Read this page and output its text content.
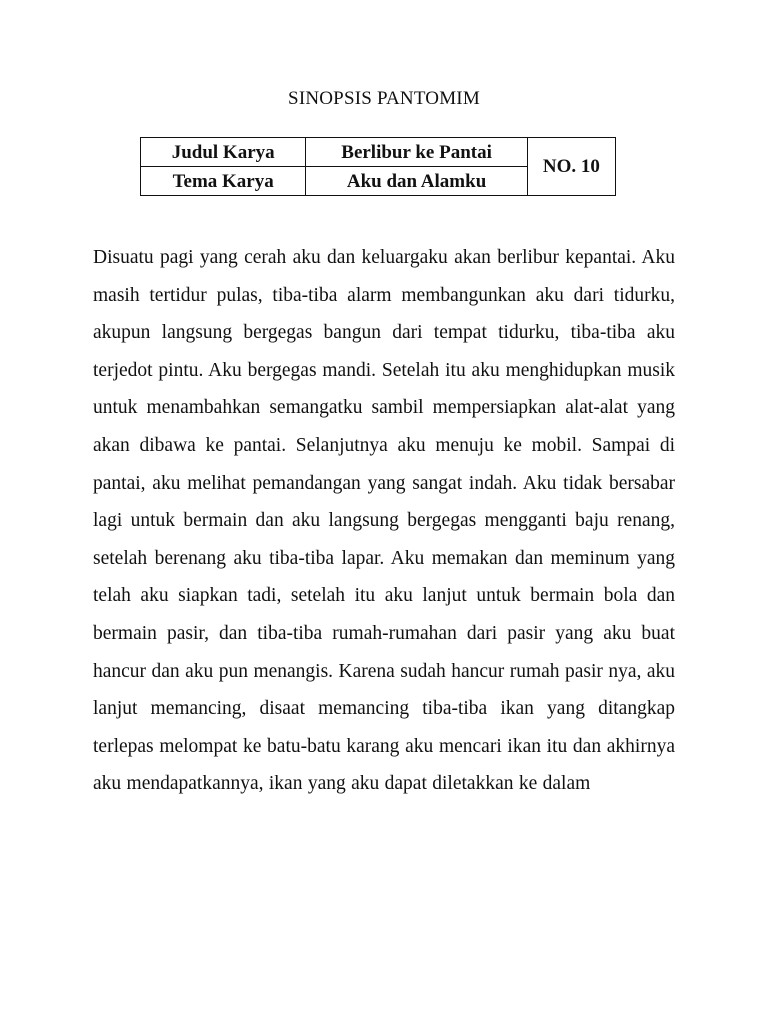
SINOPSIS PANTOMIM
Judul Karya	Berlibur ke Pantai	NO. 10
Tema Karya	Aku dan Alamku	

Disuatu pagi yang cerah aku dan keluargaku akan berlibur kepantai. Aku masih tertidur pulas, tiba-tiba alarm membangunkan aku dari tidurku, akupun langsung bergegas bangun dari tempat tidurku, tiba-tiba aku terjedot pintu. Aku bergegas mandi. Setelah itu aku menghidupkan musik untuk menambahkan semangatku sambil mempersiapkan alat-alat yang akan dibawa ke pantai. Selanjutnya aku menuju ke mobil. Sampai di pantai, aku melihat pemandangan yang sangat indah. Aku tidak bersabar lagi untuk bermain dan aku langsung bergegas mengganti baju renang, setelah berenang aku tiba-tiba lapar. Aku memakan dan meminum yang telah aku siapkan tadi, setelah itu aku lanjut untuk bermain bola dan bermain pasir, dan tiba-tiba rumah-rumahan dari pasir yang aku buat hancur dan aku pun menangis. Karena sudah hancur rumah pasir nya, aku lanjut memancing, disaat memancing tiba-tiba ikan yang ditangkap terlepas melompat ke batu-batu karang aku mencari ikan itu dan akhirnya aku mendapatkannya, ikan yang aku dapat diletakkan ke dalam
